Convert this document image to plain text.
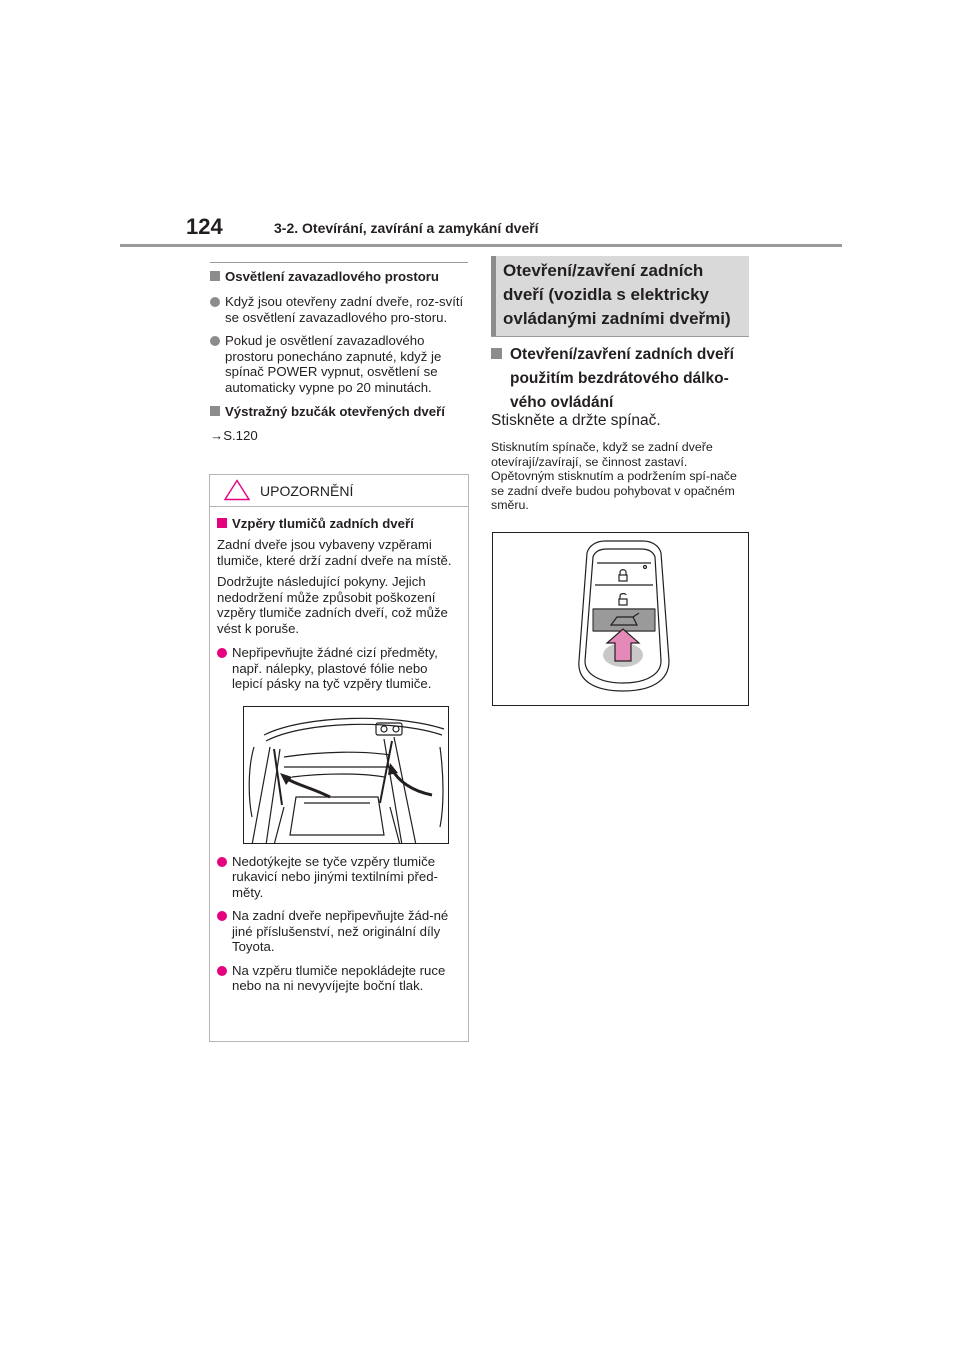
124	3-2. Otevírání, zavírání a zamykání dveří
Osvětlení zavazadlového prostoru
Když jsou otevřeny zadní dveře, roz-svítí se osvětlení zavazadlového pro-storu.
Pokud je osvětlení zavazadlového prostoru ponecháno zapnuté, když je spínač POWER vypnut, osvětlení se automaticky vypne po 20 minutách.
Výstražný bzučák otevřených dveří
→S.120
UPOZORNĚNÍ
Vzpěry tlumičů zadních dveří
Zadní dveře jsou vybaveny vzpěrami tlumiče, které drží zadní dveře na místě.
Dodržujte následující pokyny. Jejich nedodržení může způsobit poškození vzpěry tlumiče zadních dveří, což může vést k poruše.
Nepřipevňujte žádné cizí předměty, např. nálepky, plastové fólie nebo lepicí pásky na tyč vzpěry tlumiče.
Nedotýkejte se tyče vzpěry tlumiče rukavicí nebo jinými textilními před-měty.
Na zadní dveře nepřipevňujte žád-né jiné příslušenství, než originální díly Toyota.
Na vzpěru tlumiče nepokládejte ruce nebo na ni nevyvíjejte boční tlak.
Otevření/zavření zadních dveří (vozidla s elektricky ovládanými zadními dveřmi)
Otevření/zavření zadních dveří použitím bezdrátového dálko-vého ovládání
Stiskněte a držte spínač.
Stisknutím spínače, když se zadní dveře otevírají/zavírají, se činnost zastaví. Opětovným stisknutím a podržením spí-nače se zadní dveře budou pohybovat v opačném směru.
